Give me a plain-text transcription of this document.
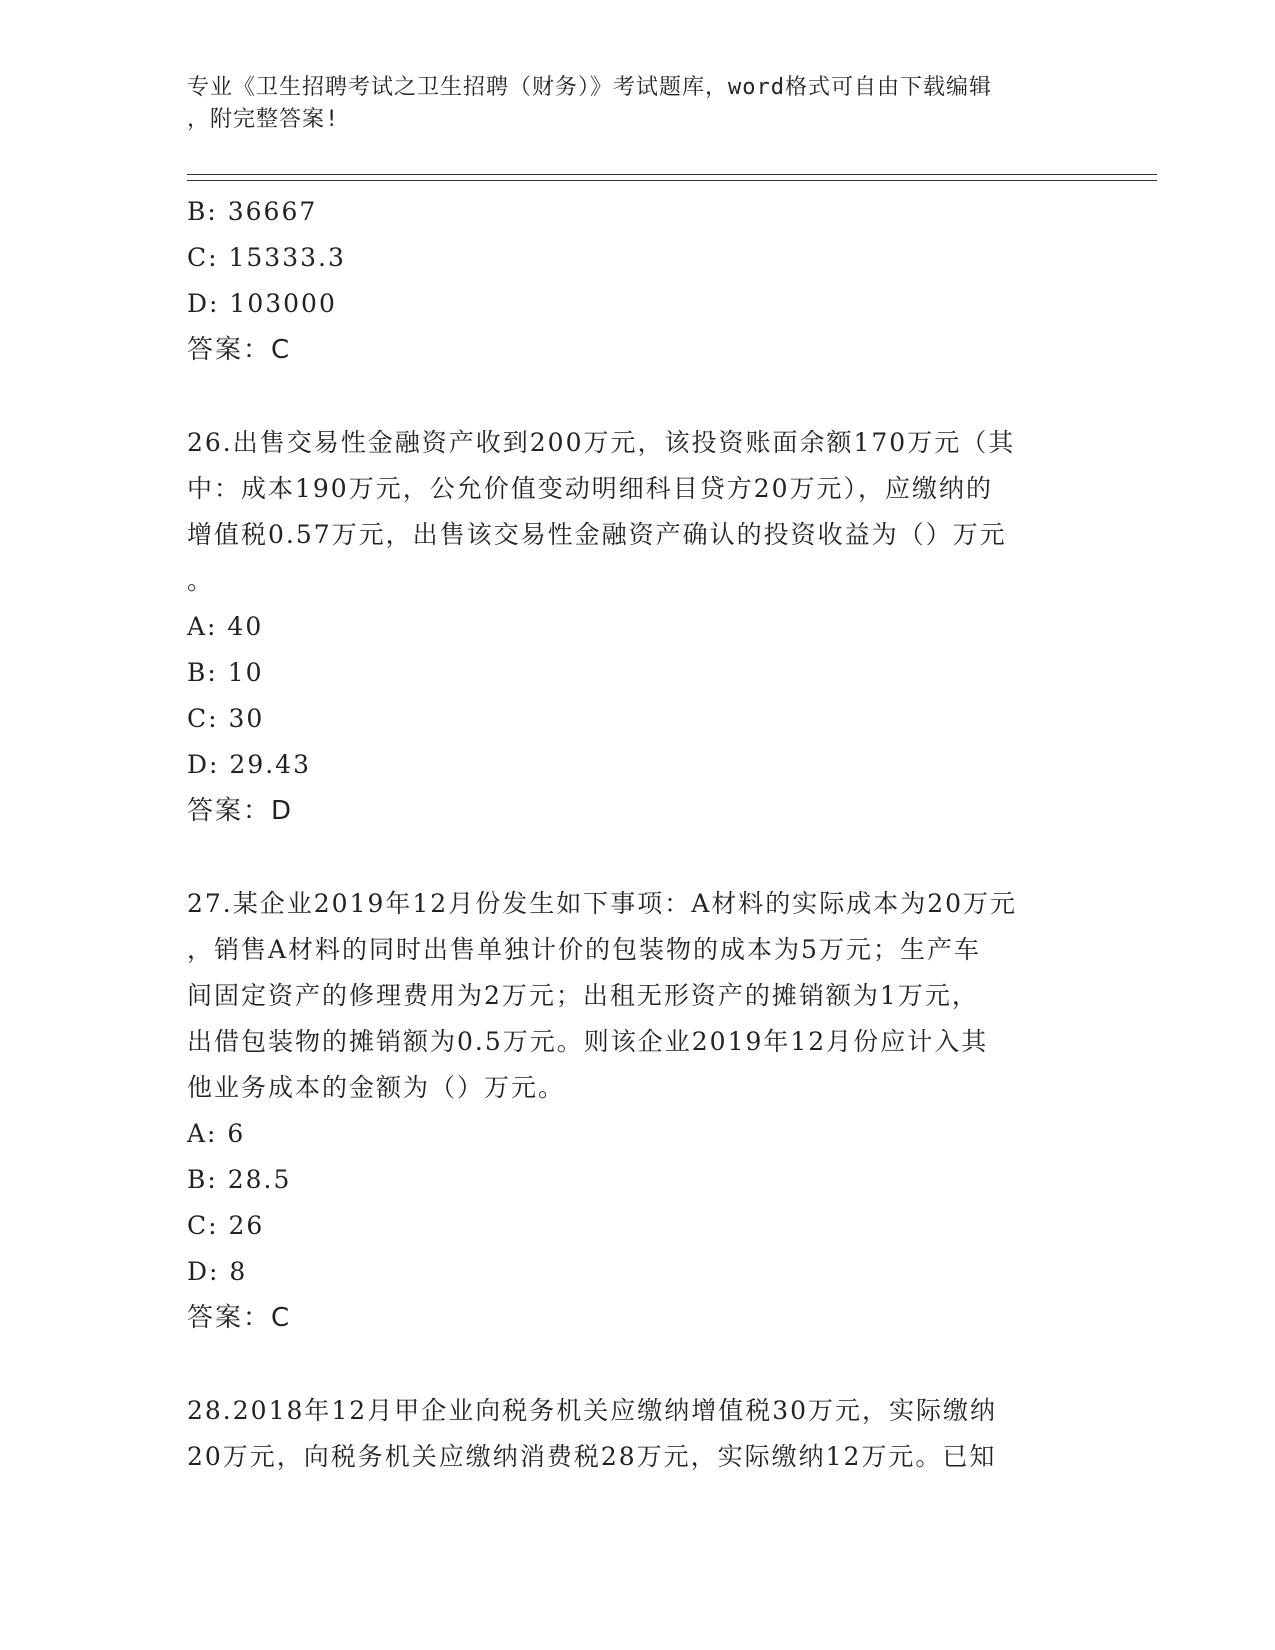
专业《卫生招聘考试之卫生招聘（财务）》考试题库，word格式可自由下载编辑
，附完整答案!
B: 36667
C: 15333.3
D: 103000
答案：C
26.出售交易性金融资产收到200万元，该投资账面余额170万元（其
中：成本190万元，公允价值变动明细科目贷方20万元），应缴纳的
增值税0.57万元，出售该交易性金融资产确认的投资收益为（）万元
。
A: 40
B: 10
C: 30
D: 29.43
答案：D
27.某企业2019年12月份发生如下事项：A材料的实际成本为20万元
，销售A材料的同时出售单独计价的包装物的成本为5万元；生产车
间固定资产的修理费用为2万元；出租无形资产的摊销额为1万元，
出借包装物的摊销额为0.5万元。则该企业2019年12月份应计入其
他业务成本的金额为（）万元。
A: 6
B: 28.5
C: 26
D: 8
答案：C
28.2018年12月甲企业向税务机关应缴纳增值税30万元，实际缴纳
20万元，向税务机关应缴纳消费税28万元，实际缴纳12万元。已知
